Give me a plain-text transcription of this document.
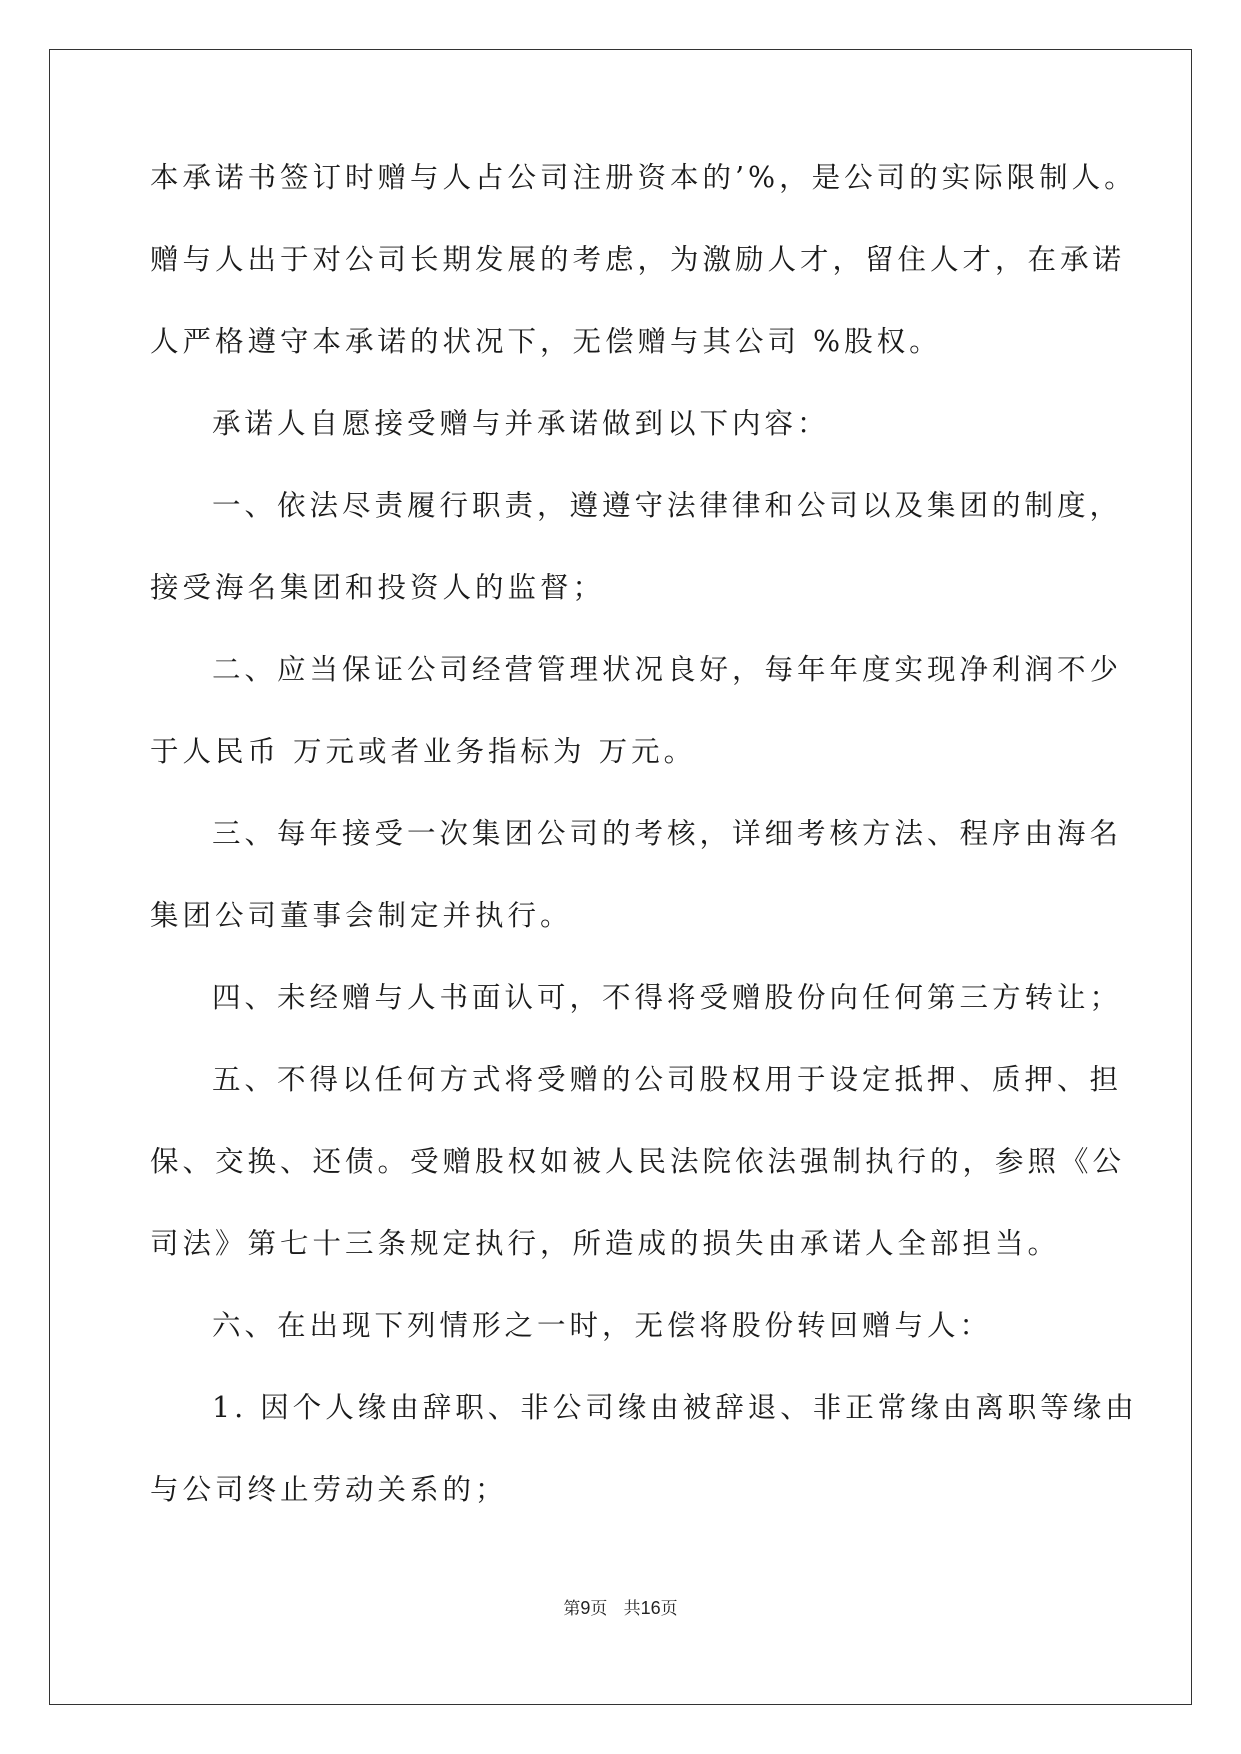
本承诺书签订时赠与人占公司注册资本的’%，是公司的实际限制人。
赠与人出于对公司长期发展的考虑，为激励人才，留住人才，在承诺
人严格遵守本承诺的状况下，无偿赠与其公司 %股权。
承诺人自愿接受赠与并承诺做到以下内容：
一、依法尽责履行职责，遵遵守法律律和公司以及集团的制度，
接受海名集团和投资人的监督；
二、应当保证公司经营管理状况良好，每年年度实现净利润不少
于人民币 万元或者业务指标为 万元。
三、每年接受一次集团公司的考核，详细考核方法、程序由海名
集团公司董事会制定并执行。
四、未经赠与人书面认可，不得将受赠股份向任何第三方转让；
五、不得以任何方式将受赠的公司股权用于设定抵押、质押、担
保、交换、还债。受赠股权如被人民法院依法强制执行的，参照《公
司法》第七十三条规定执行，所造成的损失由承诺人全部担当。
六、在出现下列情形之一时，无偿将股份转回赠与人：
1. 因个人缘由辞职、非公司缘由被辞退、非正常缘由离职等缘由
与公司终止劳动关系的；
第9页 共16页
